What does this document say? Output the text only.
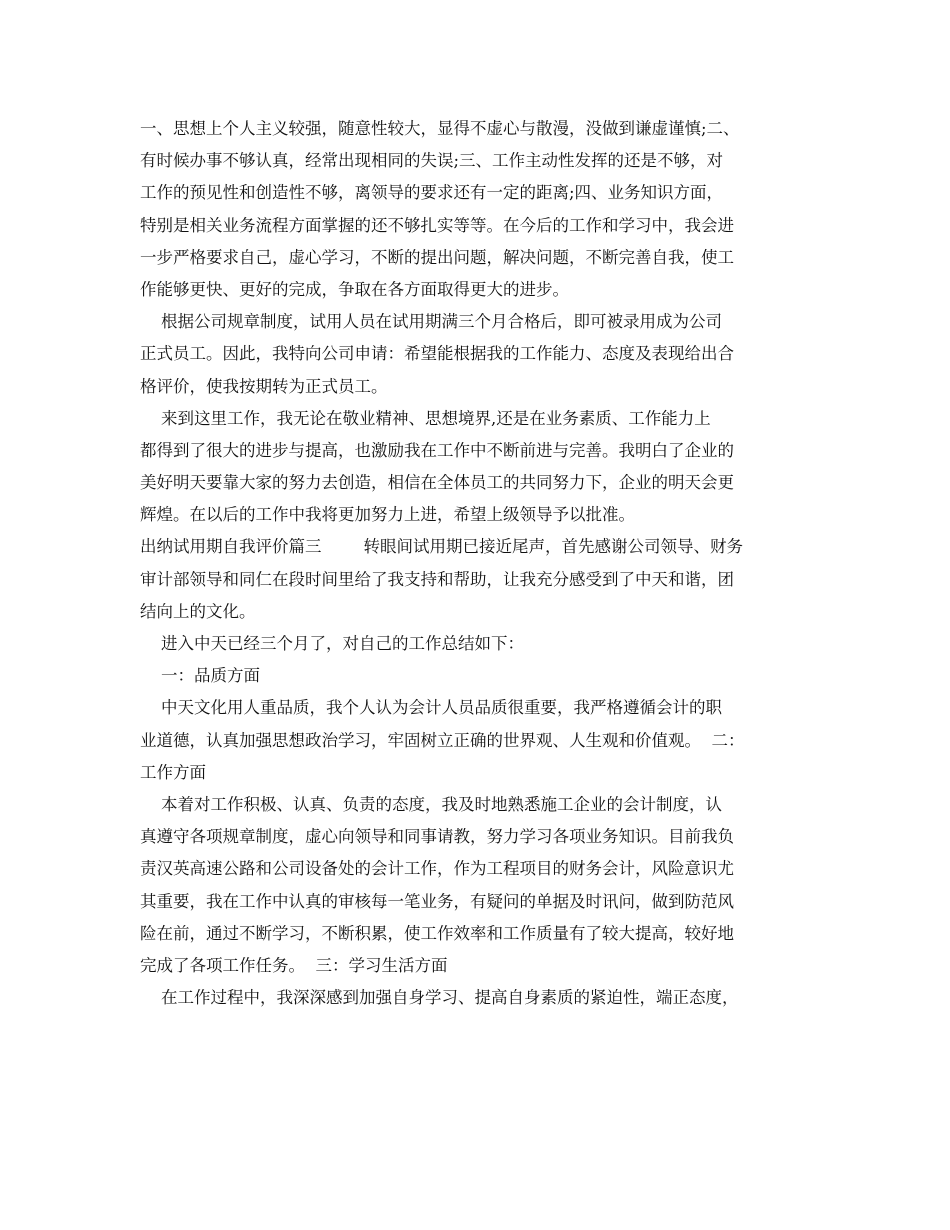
一、思想上个人主义较强，随意性较大，显得不虚心与散漫，没做到谦虚谨慎;二、
有时候办事不够认真，经常出现相同的失误;三、工作主动性发挥的还是不够，对
工作的预见性和创造性不够，离领导的要求还有一定的距离;四、业务知识方面，
特别是相关业务流程方面掌握的还不够扎实等等。在今后的工作和学习中，我会进
一步严格要求自己，虚心学习，不断的提出问题，解决问题，不断完善自我，使工
作能够更快、更好的完成，争取在各方面取得更大的进步。
根据公司规章制度，试用人员在试用期满三个月合格后，即可被录用成为公司
正式员工。因此，我特向公司申请：希望能根据我的工作能力、态度及表现给出合
格评价，使我按期转为正式员工。
来到这里工作，我无论在敬业精神、思想境界,还是在业务素质、工作能力上
都得到了很大的进步与提高，也激励我在工作中不断前进与完善。我明白了企业的
美好明天要靠大家的努力去创造，相信在全体员工的共同努力下，企业的明天会更
辉煌。在以后的工作中我将更加努力上进，希望上级领导予以批准。
出纳试用期自我评价篇三        转眼间试用期已接近尾声，首先感谢公司领导、财务
审计部领导和同仁在段时间里给了我支持和帮助，让我充分感受到了中天和谐，团
结向上的文化。
进入中天已经三个月了，对自己的工作总结如下：
一：品质方面
中天文化用人重品质，我个人认为会计人员品质很重要，我严格遵循会计的职
业道德，认真加强思想政治学习，牢固树立正确的世界观、人生观和价值观。  二：
工作方面
本着对工作积极、认真、负责的态度，我及时地熟悉施工企业的会计制度，认
真遵守各项规章制度，虚心向领导和同事请教，努力学习各项业务知识。目前我负
责汉英高速公路和公司设备处的会计工作，作为工程项目的财务会计，风险意识尤
其重要，我在工作中认真的审核每一笔业务，有疑问的单据及时讯问，做到防范风
险在前，通过不断学习，不断积累，使工作效率和工作质量有了较大提高，较好地
完成了各项工作任务。  三：学习生活方面
在工作过程中，我深深感到加强自身学习、提高自身素质的紧迫性，端正态度，
